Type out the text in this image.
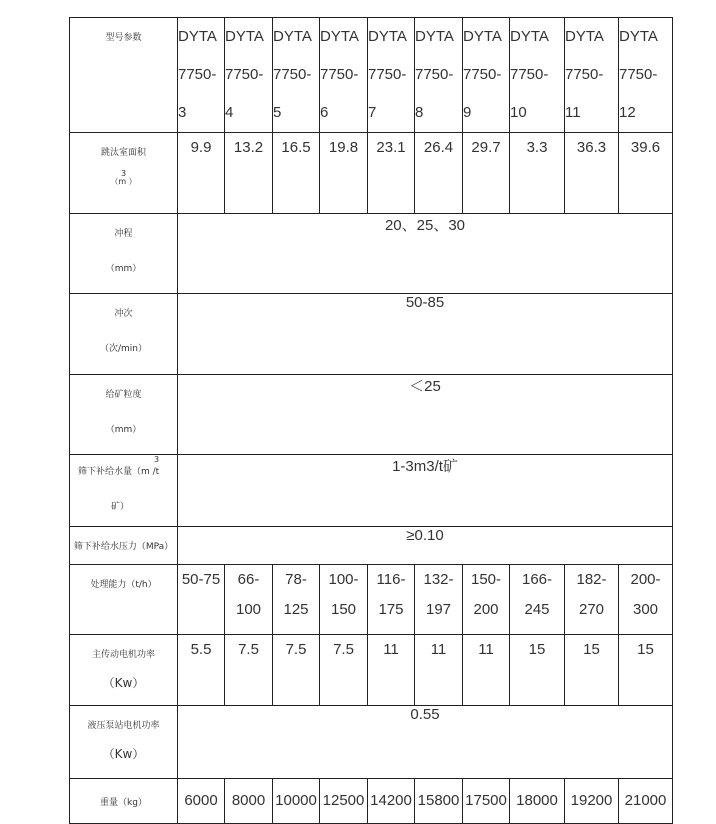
型号参数	DYTA
7750-
3	DYTA
7750-
4	DYTA
7750-
5	DYTA
7750-
6	DYTA
7750-
7	DYTA
7750-
8	DYTA
7750-
9	DYTA
7750-
10	DYTA
7750-
11	DYTA
7750-
12

跳汰室面积
3
（m ）	9.9	13.2	16.5	19.8	23.1	26.4	29.7	3.3	36.3	39.6

冲程
（mm）	20、25、30									

冲次
（次/min）	50-85									

给矿粒度
（mm）	＜25									

3
筛下补给水量（m /t
矿）	1-3m3/t矿									

筛下补给水压力（MPa）	≥0.10									

处理能力（t/h）	50-75	66-
100	78-
125	100-
150	116-
175	132-
197	150-
200	166-
245	182-
270	200-
300

主传动电机功率
（Kw）	5.5	7.5	7.5	7.5	11	11	11	15	15	15

液压泵站电机功率
（Kw）	0.55									

重量（kg）	6000	8000	10000	12500	14200	15800	17500	18000	19200	21000
